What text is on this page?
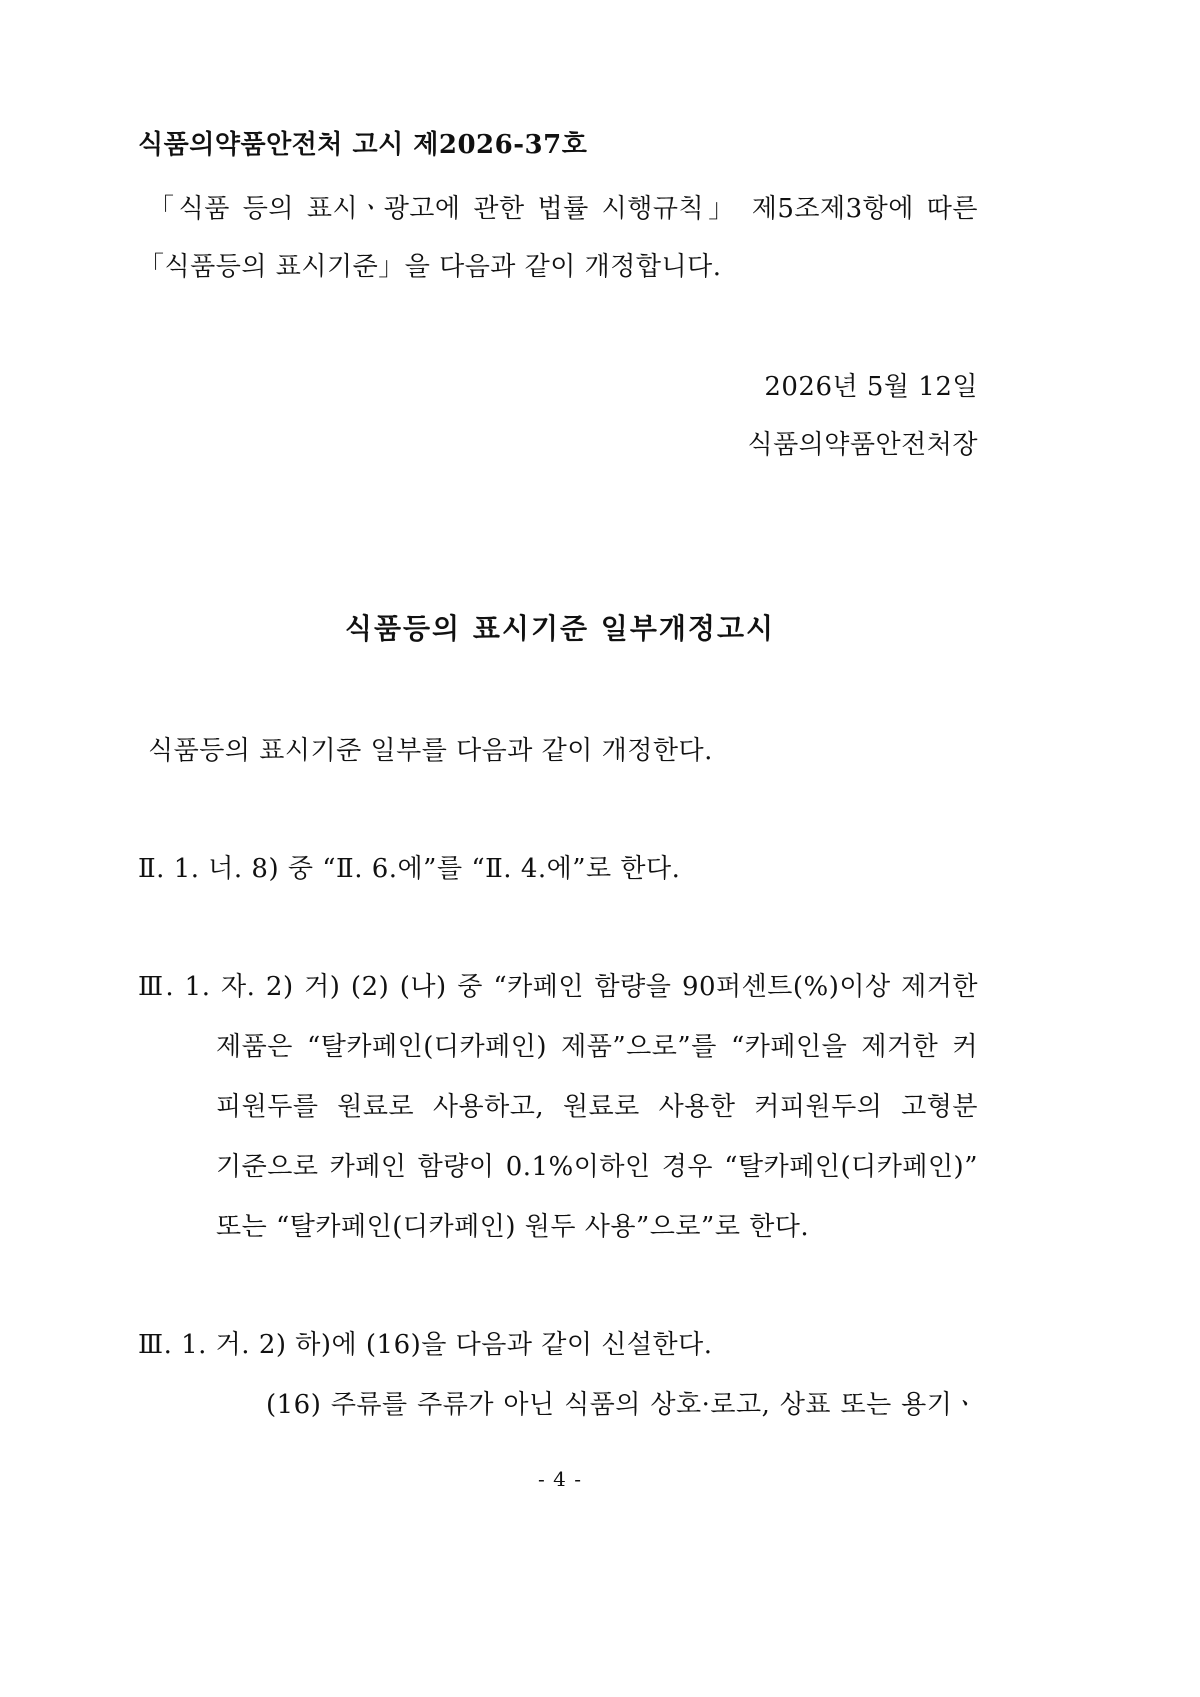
식품의약품안전처 고시 제2026-37호
「식품 등의 표시ㆍ광고에 관한 법률 시행규칙」 제5조제3항에 따른
「식품등의 표시기준」을 다음과 같이 개정합니다.
2026년 5월 12일
식품의약품안전처장
식품등의 표시기준 일부개정고시
식품등의 표시기준 일부를 다음과 같이 개정한다.
Ⅱ. 1. 너. 8) 중 “Ⅱ. 6.에”를 “Ⅱ. 4.에”로 한다.
Ⅲ. 1. 자. 2) 거) (2) (나) 중 “카페인 함량을 90퍼센트(%)이상 제거한
제품은 “탈카페인(디카페인) 제품”으로”를 “카페인을 제거한 커
피원두를 원료로 사용하고, 원료로 사용한 커피원두의 고형분
기준으로 카페인 함량이 0.1%이하인 경우 “탈카페인(디카페인)”
또는 “탈카페인(디카페인) 원두 사용”으로”로 한다.
Ⅲ. 1. 거. 2) 하)에 (16)을 다음과 같이 신설한다.
(16) 주류를 주류가 아닌 식품의 상호·로고, 상표 또는 용기ㆍ
- 4 -
